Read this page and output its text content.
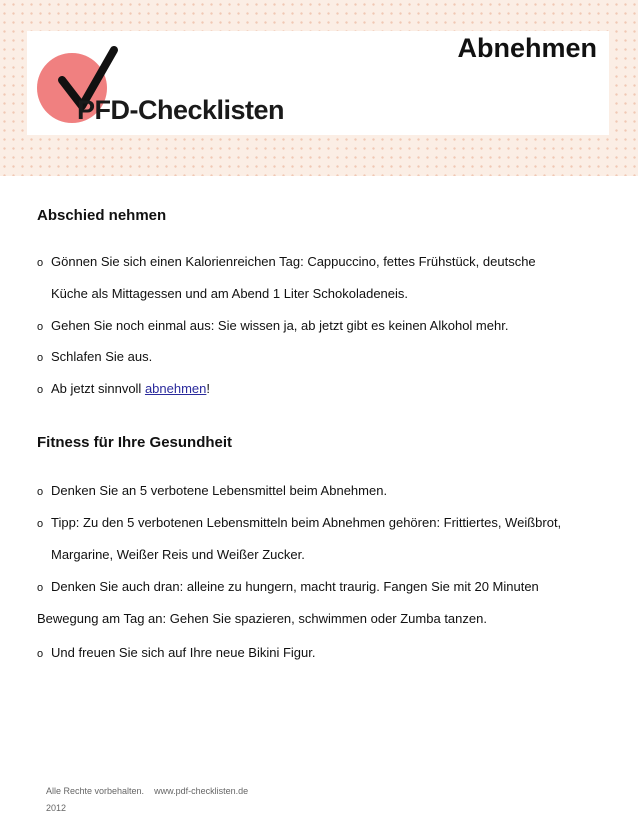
PFD-Checklisten
Abnehmen
Abschied nehmen
o Gönnen Sie sich einen Kalorienreichen Tag: Cappuccino, fettes Frühstück, deutsche
Küche als Mittagessen und am Abend 1 Liter Schokoladeneis.
o Gehen Sie noch einmal aus: Sie wissen ja, ab jetzt gibt es keinen Alkohol mehr.
o Schlafen Sie aus.
o Ab jetzt sinnvoll abnehmen!
Fitness für Ihre Gesundheit
o Denken Sie an 5 verbotene Lebensmittel beim Abnehmen.
o Tipp: Zu den 5 verbotenen Lebensmitteln beim Abnehmen gehören: Frittiertes, Weißbrot,
Margarine, Weißer Reis und Weißer Zucker.
o Denken Sie auch dran: alleine zu hungern, macht traurig. Fangen Sie mit 20 Minuten
Bewegung am Tag an: Gehen Sie spazieren, schwimmen oder Zumba tanzen.
o Und freuen Sie sich auf Ihre neue Bikini Figur.
Alle Rechte vorbehalten. www.pdf-checklisten.de
2012
